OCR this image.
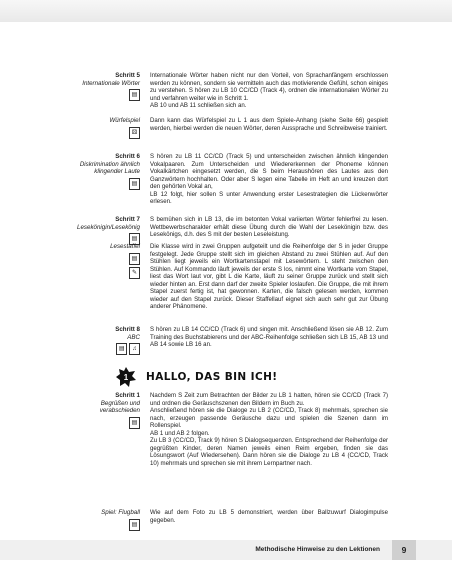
Schritt 5
Internationale Wörter
▤

Internationale Wörter haben nicht nur den Vorteil, von Sprachanfängern erschlossen werden zu können, sondern sie vermitteln auch das motivierende Gefühl, schon einiges zu verstehen. S hören zu LB 10 CC/CD (Track 4), ordnen die internationalen Wörter zu und verfahren weiter wie in Schritt 1.

AB 10 und AB 11 schließen sich an.

Würfelspiel
⚄

Dann kann das Würfelspiel zu L 1 aus dem Spiele-Anhang (siehe Seite 66) gespielt werden, hierbei werden die neuen Wörter, deren Aussprache und Schreibweise trainiert.

Schritt 6
Diskrimination ähnlich klingender Laute
▤

S hören zu LB 11 CC/CD (Track 5) und unterscheiden zwischen ähnlich klingenden Vokalpaaren. Zum Unterscheiden und Wiedererkennen der Phoneme können Vokalkärtchen eingesetzt werden, die S beim Heraushören des Lautes aus den Ganzwörtern hochhalten. Oder aber S legen eine Tabelle im Heft an und kreuzen dort den gehörten Vokal an,

LB 12 folgt, hier sollen S unter Anwendung erster Lesestrategien die Lückenwörter erlesen.

Schritt 7
Lesekönigin/Lesekönig
▤

S bemühen sich in LB 13, die im betonten Vokal variierten Wörter fehlerfrei zu lesen. Wettbewerbscharakter erhält diese Übung durch die Wahl der Lesekönigin bzw. des Lesekönigs, d.h. des S mit der besten Leseleistung.

Lesestaffel
▤
✎

Die Klasse wird in zwei Gruppen aufgeteilt und die Reihenfolge der S in jeder Gruppe festgelegt. Jede Gruppe stellt sich im gleichen Abstand zu zwei Stühlen auf. Auf den Stühlen liegt jeweils ein Wortkartenstapel mit Lesewörtern. L steht zwischen den Stühlen. Auf Kommando läuft jeweils der erste S los, nimmt eine Wortkarte vom Stapel, liest das Wort laut vor, gibt L die Karte, läuft zu seiner Gruppe zurück und stellt sich wieder hinten an. Erst dann darf der zweite Spieler loslaufen. Die Gruppe, die mit ihrem Stapel zuerst fertig ist, hat gewonnen. Karten, die falsch gelesen werden, kommen wieder auf den Stapel zurück. Dieser Staffellauf eignet sich auch sehr gut zur Übung anderer Phänomene.

Schritt 8
ABC
▤ ♫

S hören zu LB 14 CC/CD (Track 6) und singen mit. Anschließend lösen sie AB 12. Zum Training des Buchstabierens und der ABC-Reihenfolge schließen sich LB 15, AB 13 und AB 14 sowie LB 16 an.

1 HALLO, DAS BIN ICH!
Schritt 1
Begrüßen und verabschieden
▤

Nachdem S Zeit zum Betrachten der Bilder zu LB 1 hatten, hören sie CC/CD (Track 7) und ordnen die Geräuschszenen den Bildern im Buch zu.

Anschließend hören sie die Dialoge zu LB 2 (CC/CD, Track 8) mehrmals, sprechen sie nach, erzeugen passende Geräusche dazu und spielen die Szenen dann im Rollenspiel.

AB 1 und AB 2 folgen.

Zu LB 3 (CC/CD, Track 9) hören S Dialogsequenzen. Entsprechend der Reihenfolge der gegrüßten Kinder, deren Namen jeweils einen Reim ergeben, finden sie das Lösungswort (Auf Wiedersehen). Dann hören sie die Dialoge zu LB 4 (CC/CD, Track 10) mehrmals und sprechen sie mit ihrem Lernpartner nach.

Spiel: Flugball
▤

Wie auf dem Foto zu LB 5 demonstriert, werden über Ballzuwurf Dialogimpulse gegeben.

Methodische Hinweise zu den Lektionen	9
